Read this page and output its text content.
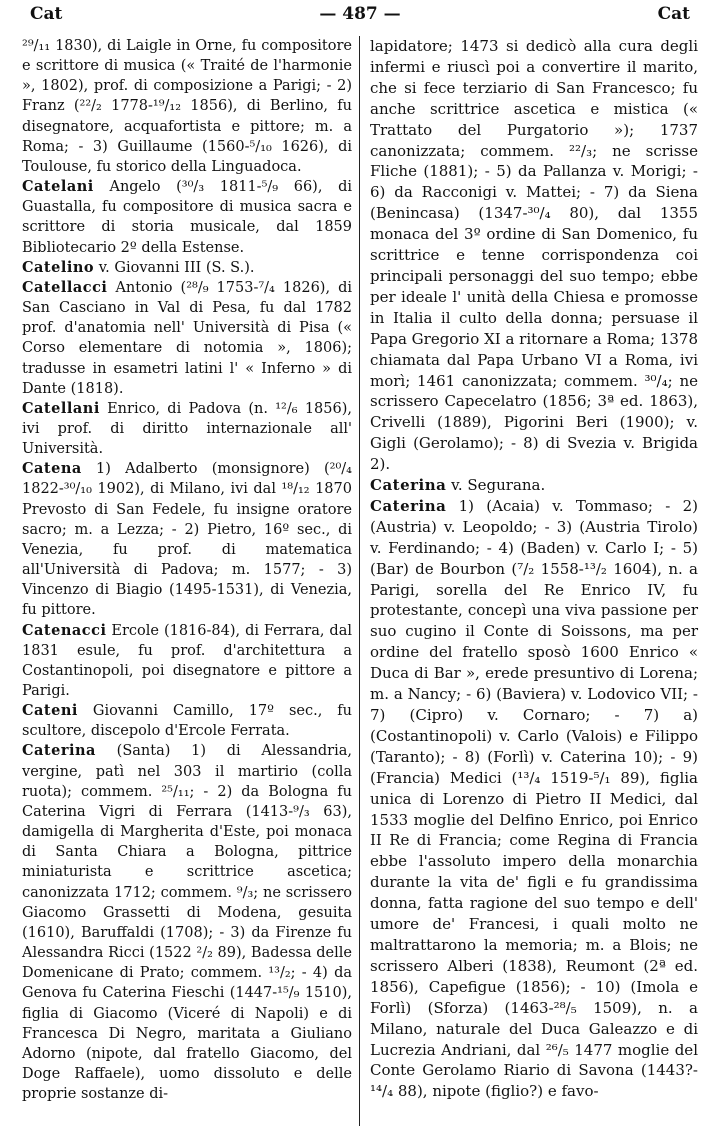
Cat	— 487 —	Cat

²⁹/₁₁ 1830), di Laigle in Orne, fu compositore e scrittore di musica (« Traité de l'harmonie », 1802), prof. di composizione a Parigi; - 2) Franz (²²/₂ 1778-¹⁹/₁₂ 1856), di Berlino, fu disegnatore, acquafortista e pittore; m. a Roma; - 3) Guillaume (1560-⁵/₁₀ 1626), di Toulouse, fu storico della Linguadoca.

Catelani Angelo (³⁰/₃ 1811-⁵/₉ 66), di Guastalla, fu compositore di musica sacra e scrittore di storia musicale, dal 1859 Bibliotecario 2º della Estense.

Catelino v. Giovanni III (S. S.).

Catellacci Antonio (²⁸/₉ 1753-⁷/₄ 1826), di San Casciano in Val di Pesa, fu dal 1782 prof. d'anatomia nell' Università di Pisa (« Corso elementare di notomia », 1806); tradusse in esametri latini l' « Inferno » di Dante (1818).

Catellani Enrico, di Padova (n. ¹²/₆ 1856), ivi prof. di diritto internazionale all' Università.

Catena 1) Adalberto (monsignore) (²⁰/₄ 1822-³⁰/₁₀ 1902), di Milano, ivi dal ¹⁸/₁₂ 1870 Prevosto di San Fedele, fu insigne oratore sacro; m. a Lezza; - 2) Pietro, 16º sec., di Venezia, fu prof. di matematica all'Università di Padova; m. 1577; - 3) Vincenzo di Biagio (1495-1531), di Venezia, fu pittore.

Catenacci Ercole (1816-84), di Ferrara, dal 1831 esule, fu prof. d'architettura a Costantinopoli, poi disegnatore e pittore a Parigi.

Cateni Giovanni Camillo, 17º sec., fu scultore, discepolo d'Ercole Ferrata.

Caterina (Santa) 1) di Alessandria, vergine, patì nel 303 il martirio (colla ruota); commem. ²⁵/₁₁; - 2) da Bologna fu Caterina Vigri di Ferrara (1413-⁹/₃ 63), damigella di Margherita d'Este, poi monaca di Santa Chiara a Bologna, pittrice miniaturista e scrittrice ascetica; canonizzata 1712; commem. ⁹/₃; ne scrissero Giacomo Grassetti di Modena, gesuita (1610), Baruffaldi (1708); - 3) da Firenze fu Alessandra Ricci (1522 ²/₂ 89), Badessa delle Domenicane di Prato; commem. ¹³/₂; - 4) da Genova fu Caterina Fieschi (1447-¹⁵/₉ 1510), figlia di Giacomo (Viceré di Napoli) e di Francesca Di Negro, maritata a Giuliano Adorno (nipote, dal fratello Giacomo, del Doge Raffaele), uomo dissoluto e delle proprie sostanze di-

lapidatore; 1473 si dedicò alla cura degli infermi e riuscì poi a convertire il marito, che si fece terziario di San Francesco; fu anche scrittrice ascetica e mistica (« Trattato del Purgatorio »); 1737 canonizzata; commem. ²²/₃; ne scrisse Fliche (1881); - 5) da Pallanza v. Morigi; - 6) da Racconigi v. Mattei; - 7) da Siena (Benincasa) (1347-³⁰/₄ 80), dal 1355 monaca del 3º ordine di San Domenico, fu scrittrice e tenne corrispondenza coi principali personaggi del suo tempo; ebbe per ideale l' unità della Chiesa e promosse in Italia il culto della donna; persuase il Papa Gregorio XI a ritornare a Roma; 1378 chiamata dal Papa Urbano VI a Roma, ivi morì; 1461 canonizzata; commem. ³⁰/₄; ne scrissero Capecelatro (1856; 3ª ed. 1863), Crivelli (1889), Pigorini Beri (1900); v. Gigli (Gerolamo); - 8) di Svezia v. Brigida 2).

Caterina v. Segurana.

Caterina 1) (Acaia) v. Tommaso; - 2) (Austria) v. Leopoldo; - 3) (Austria Tirolo) v. Ferdinando; - 4) (Baden) v. Carlo I; - 5) (Bar) de Bourbon (⁷/₂ 1558-¹³/₂ 1604), n. a Parigi, sorella del Re Enrico IV, fu protestante, concepì una viva passione per suo cugino il Conte di Soissons, ma per ordine del fratello sposò 1600 Enrico « Duca di Bar », erede presuntivo di Lorena; m. a Nancy; - 6) (Baviera) v. Lodovico VII; - 7) (Cipro) v. Cornaro; - 7) a) (Costantinopoli) v. Carlo (Valois) e Filippo (Taranto); - 8) (Forlì) v. Caterina 10); - 9) (Francia) Medici (¹³/₄ 1519-⁵/₁ 89), figlia unica di Lorenzo di Pietro II Medici, dal 1533 moglie del Delfino Enrico, poi Enrico II Re di Francia; come Regina di Francia ebbe l'assoluto impero della monarchia durante la vita de' figli e fu grandissima donna, fatta ragione del suo tempo e dell' umore de' Francesi, i quali molto ne maltrattarono la memoria; m. a Blois; ne scrissero Alberi (1838), Reumont (2ª ed. 1856), Capefigue (1856); - 10) (Imola e Forlì) (Sforza) (1463-²⁸/₅ 1509), n. a Milano, naturale del Duca Galeazzo e di Lucrezia Andriani, dal ²⁶/₅ 1477 moglie del Conte Gerolamo Riario di Savona (1443?-¹⁴/₄ 88), nipote (figlio?) e favo-
